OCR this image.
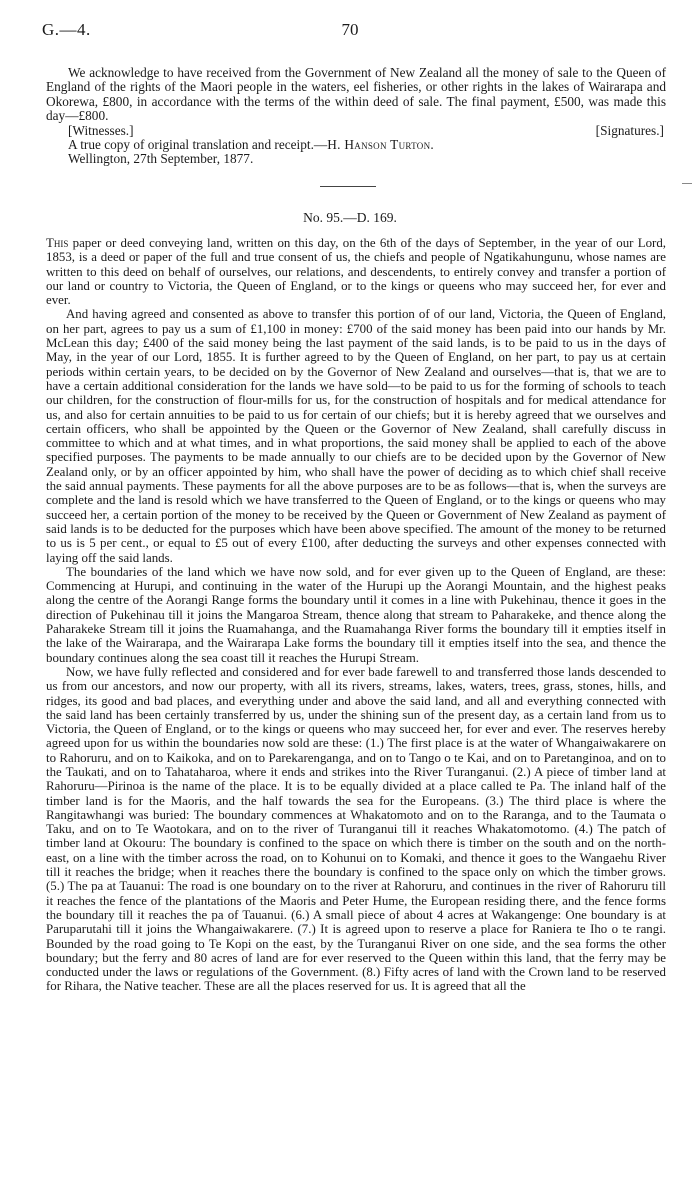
G.—4.	70

We acknowledge to have received from the Government of New Zealand all the money of sale to the Queen of England of the rights of the Maori people in the waters, eel fisheries, or other rights in the lakes of Wairarapa and Okorewa, £800, in accordance with the terms of the within deed of sale. The final payment, £500, was made this day—£800.

[Witnesses.]	[Signatures.]
A true copy of original translation and receipt.—H. Hanson Turton.
Wellington, 27th September, 1877.
No. 95.—D. 169.

This paper or deed conveying land, written on this day, on the 6th of the days of September, in the year of our Lord, 1853, is a deed or paper of the full and true consent of us, the chiefs and people of Ngatikahungunu, whose names are written to this deed on behalf of ourselves, our relations, and descendents, to entirely convey and transfer a portion of our land or country to Victoria, the Queen of England, or to the kings or queens who may succeed her, for ever and ever.

And having agreed and consented as above to transfer this portion of of our land, Victoria, the Queen of England, on her part, agrees to pay us a sum of £1,100 in money: £700 of the said money has been paid into our hands by Mr. McLean this day; £400 of the said money being the last payment of the said lands, is to be paid to us in the days of May, in the year of our Lord, 1855. It is further agreed to by the Queen of England, on her part, to pay us at certain periods within certain years, to be decided on by the Governor of New Zealand and ourselves—that is, that we are to have a certain additional consideration for the lands we have sold—to be paid to us for the forming of schools to teach our children, for the construction of flour-mills for us, for the construction of hospitals and for medical attendance for us, and also for certain annuities to be paid to us for certain of our chiefs; but it is hereby agreed that we ourselves and certain officers, who shall be appointed by the Queen or the Governor of New Zealand, shall carefully discuss in committee to which and at what times, and in what proportions, the said money shall be applied to each of the above specified purposes. The payments to be made annually to our chiefs are to be decided upon by the Governor of New Zealand only, or by an officer appointed by him, who shall have the power of deciding as to which chief shall receive the said annual payments. These payments for all the above purposes are to be as follows—that is, when the surveys are complete and the land is resold which we have transferred to the Queen of England, or to the kings or queens who may succeed her, a certain portion of the money to be received by the Queen or Government of New Zealand as payment of said lands is to be deducted for the purposes which have been above specified. The amount of the money to be returned to us is 5 per cent., or equal to £5 out of every £100, after deducting the surveys and other expenses connected with laying off the said lands.

The boundaries of the land which we have now sold, and for ever given up to the Queen of England, are these: Commencing at Hurupi, and continuing in the water of the Hurupi up the Aorangi Mountain, and the highest peaks along the centre of the Aorangi Range forms the boundary until it comes in a line with Pukehinau, thence it goes in the direction of Pukehinau till it joins the Mangaroa Stream, thence along that stream to Paharakeke, and thence along the Paharakeke Stream till it joins the Ruamahanga, and the Ruamahanga River forms the boundary till it empties itself in the lake of the Wairarapa, and the Wairarapa Lake forms the boundary till it empties itself into the sea, and thence the boundary continues along the sea coast till it reaches the Hurupi Stream.

Now, we have fully reflected and considered and for ever bade farewell to and transferred those lands descended to us from our ancestors, and now our property, with all its rivers, streams, lakes, waters, trees, grass, stones, hills, and ridges, its good and bad places, and everything under and above the said land, and all and everything connected with the said land has been certainly transferred by us, under the shining sun of the present day, as a certain land from us to Victoria, the Queen of England, or to the kings or queens who may succeed her, for ever and ever. The reserves hereby agreed upon for us within the boundaries now sold are these: (1.) The first place is at the water of Whangaiwakarere on to Rahoruru, and on to Kaikoka, and on to Parekarenganga, and on to Tango o te Kai, and on to Paretanginoa, and on to the Taukati, and on to Tahataharoa, where it ends and strikes into the River Turanganui. (2.) A piece of timber land at Rahoruru—Pirinoa is the name of the place. It is to be equally divided at a place called te Pa. The inland half of the timber land is for the Maoris, and the half towards the sea for the Europeans. (3.) The third place is where the Rangitawhangi was buried: The boundary commences at Whakatomoto and on to the Raranga, and to the Taumata o Taku, and on to Te Waotokara, and on to the river of Turanganui till it reaches Whakatomotomo. (4.) The patch of timber land at Okouru: The boundary is confined to the space on which there is timber on the south and on the north-east, on a line with the timber across the road, on to Kohunui on to Komaki, and thence it goes to the Wangaehu River till it reaches the bridge; when it reaches there the boundary is confined to the space only on which the timber grows. (5.) The pa at Tauanui: The road is one boundary on to the river at Rahoruru, and continues in the river of Rahoruru till it reaches the fence of the plantations of the Maoris and Peter Hume, the European residing there, and the fence forms the boundary till it reaches the pa of Tauanui. (6.) A small piece of about 4 acres at Wakangenge: One boundary is at Paruparutahi till it joins the Whangaiwakarere. (7.) It is agreed upon to reserve a place for Raniera te Iho o te rangi. Bounded by the road going to Te Kopi on the east, by the Turanganui River on one side, and the sea forms the other boundary; but the ferry and 80 acres of land are for ever reserved to the Queen within this land, that the ferry may be conducted under the laws or regulations of the Government. (8.) Fifty acres of land with the Crown land to be reserved for Rihara, the Native teacher. These are all the places reserved for us. It is agreed that all the
